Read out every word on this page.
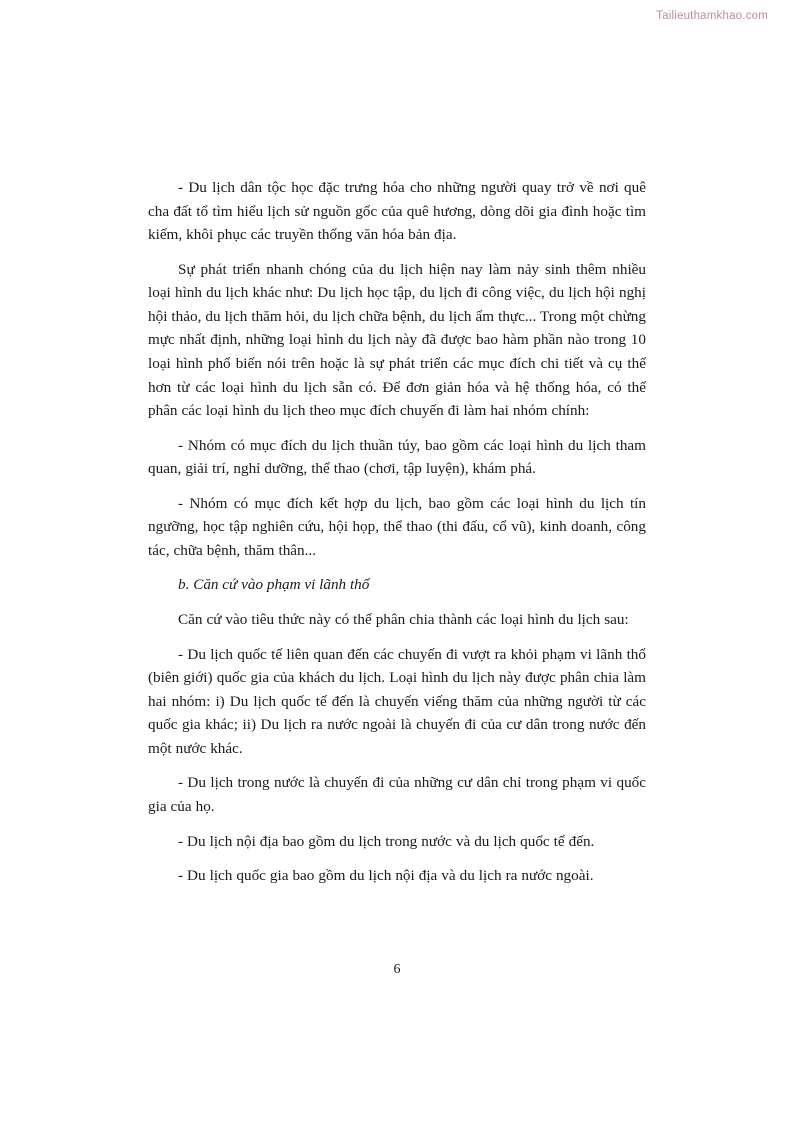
Tailieuthamkhao.com

- Du lịch dân tộc học đặc trưng hóa cho những người quay trở về nơi quê cha đất tổ tìm hiểu lịch sử nguồn gốc của quê hương, dòng dõi gia đình hoặc tìm kiếm, khôi phục các truyền thống văn hóa bản địa.

Sự phát triển nhanh chóng của du lịch hiện nay làm nảy sinh thêm nhiều loại hình du lịch khác như: Du lịch học tập, du lịch đi công việc, du lịch hội nghị hội thảo, du lịch thăm hỏi, du lịch chữa bệnh, du lịch ẩm thực... Trong một chừng mực nhất định, những loại hình du lịch này đã được bao hàm phần nào trong 10 loại hình phổ biến nói trên hoặc là sự phát triển các mục đích chi tiết và cụ thể hơn từ các loại hình du lịch sẵn có. Để đơn giản hóa và hệ thống hóa, có thể phân các loại hình du lịch theo mục đích chuyến đi làm hai nhóm chính:

- Nhóm có mục đích du lịch thuần túy, bao gồm các loại hình du lịch tham quan, giải trí, nghỉ dưỡng, thể thao (chơi, tập luyện), khám phá.

- Nhóm có mục đích kết hợp du lịch, bao gồm các loại hình du lịch tín ngưỡng, học tập nghiên cứu, hội họp, thể thao (thi đấu, cổ vũ), kinh doanh, công tác, chữa bệnh, thăm thân...

b. Căn cứ vào phạm vi lãnh thổ

Căn cứ vào tiêu thức này có thể phân chia thành các loại hình du lịch sau:

- Du lịch quốc tế liên quan đến các chuyến đi vượt ra khỏi phạm vi lãnh thổ (biên giới) quốc gia của khách du lịch. Loại hình du lịch này được phân chia làm hai nhóm: i) Du lịch quốc tế đến là chuyến viếng thăm của những người từ các quốc gia khác; ii) Du lịch ra nước ngoài là chuyến đi của cư dân trong nước đến một nước khác.

- Du lịch trong nước là chuyến đi của những cư dân chỉ trong phạm vi quốc gia của họ.

- Du lịch nội địa bao gồm du lịch trong nước và du lịch quốc tế đến.

- Du lịch quốc gia bao gồm du lịch nội địa và du lịch ra nước ngoài.

6
